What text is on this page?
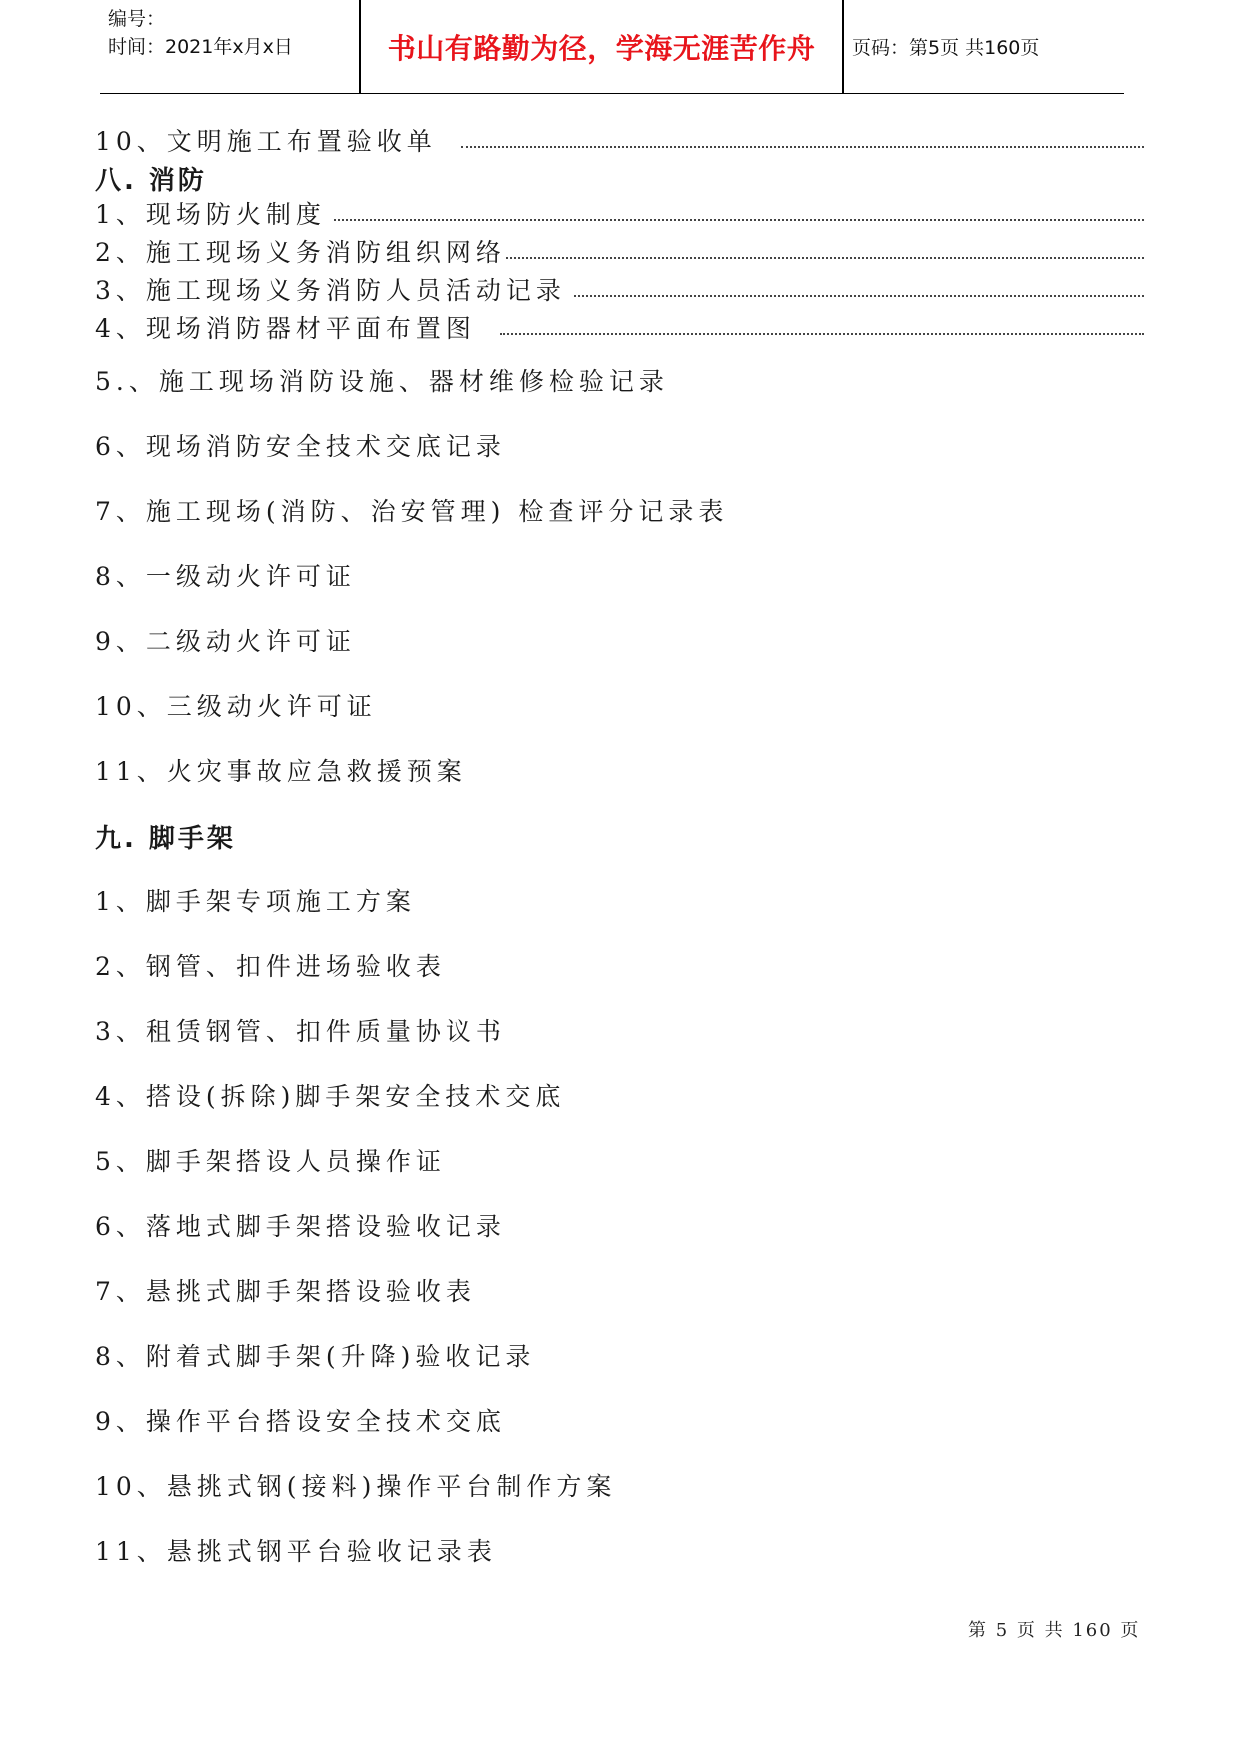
编号：
时间：2021年x月x日	书山有路勤为径，学海无涯苦作舟	页码：第5页 共160页
10、文明施工布置验收单
八. 消防
1、现场防火制度
2、施工现场义务消防组织网络
3、施工现场义务消防人员活动记录
4、现场消防器材平面布置图
5.、施工现场消防设施、器材维修检验记录
6、现场消防安全技术交底记录
7、施工现场(消防、治安管理) 检查评分记录表
8、一级动火许可证
9、二级动火许可证
10、三级动火许可证
11、火灾事故应急救援预案
九. 脚手架
1、脚手架专项施工方案
2、钢管、扣件进场验收表
3、租赁钢管、扣件质量协议书
4、搭设(拆除)脚手架安全技术交底
5、脚手架搭设人员操作证
6、落地式脚手架搭设验收记录
7、悬挑式脚手架搭设验收表
8、附着式脚手架(升降)验收记录
9、操作平台搭设安全技术交底
10、悬挑式钢(接料)操作平台制作方案
11、悬挑式钢平台验收记录表
第 5 页 共 160 页
